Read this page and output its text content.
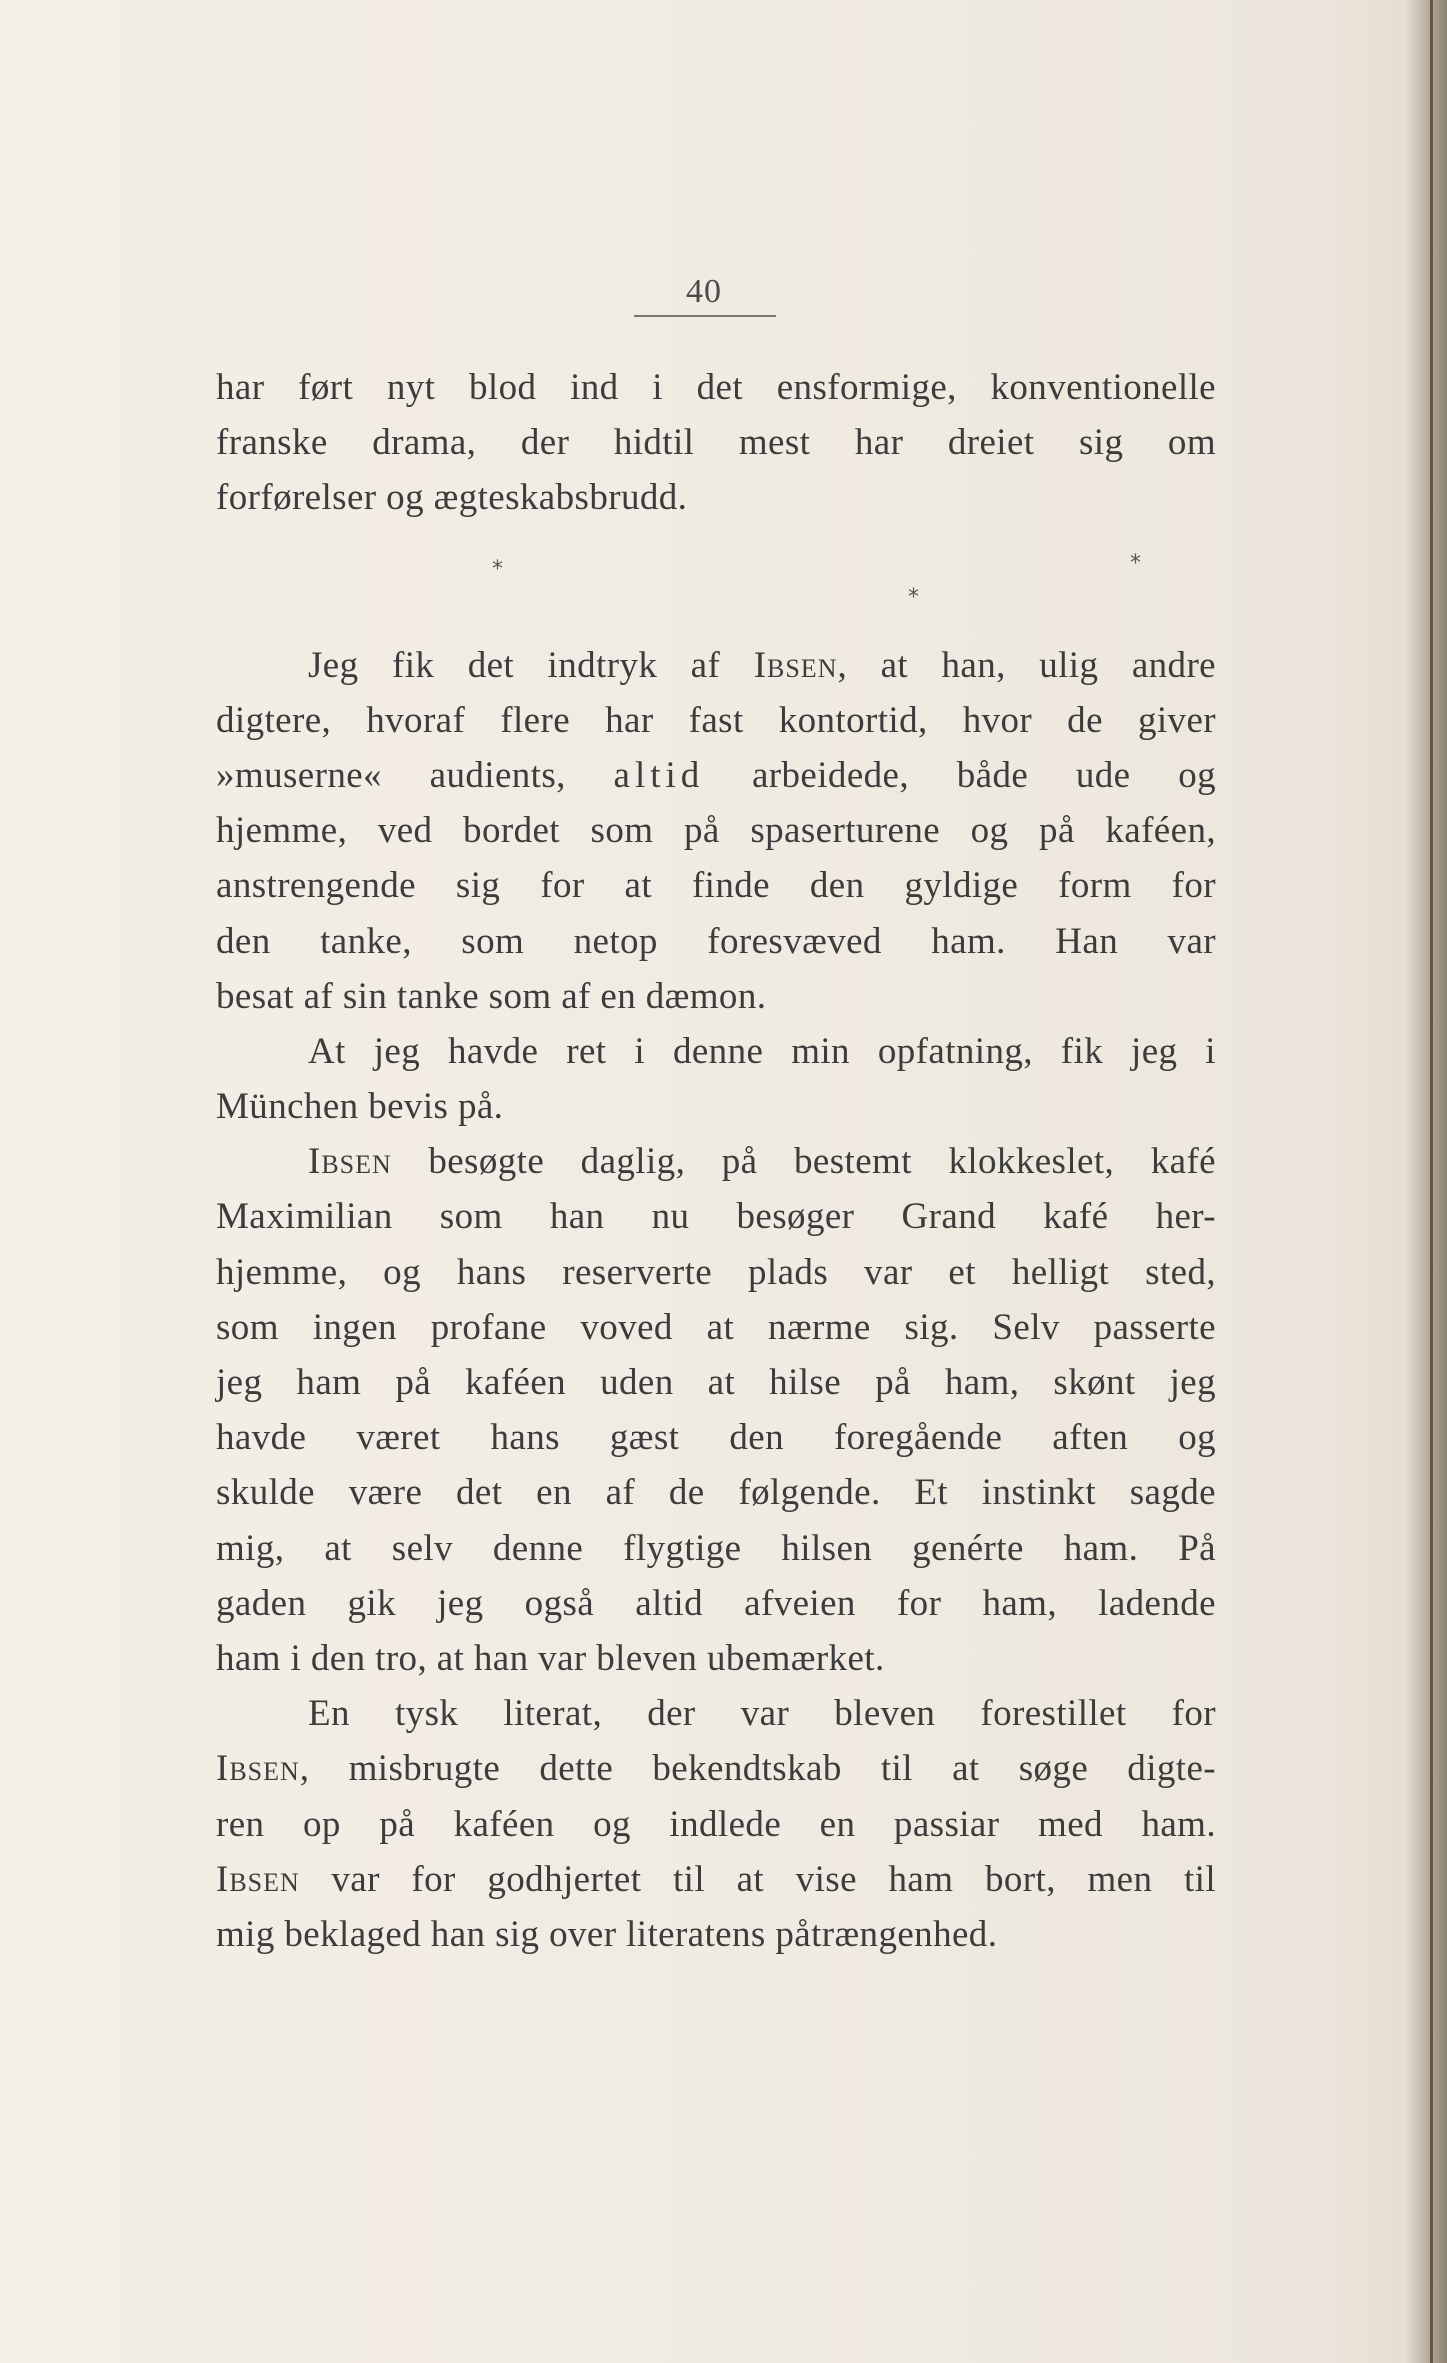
40
har ført nyt blod ind i det ensformige, konventionelle
franske drama, der hidtil mest har dreiet sig om
forførelser og ægteskabsbrudd.
*
*
*
Jeg fik det indtryk af Ibsen, at han, ulig andre
digtere, hvoraf flere har fast kontortid, hvor de giver
»muserne« audients, altid arbeidede, både ude og
hjemme, ved bordet som på spaserturene og på kaféen,
anstrengende sig for at finde den gyldige form for
den tanke, som netop foresvæved ham. Han var
besat af sin tanke som af en dæmon.
At jeg havde ret i denne min opfatning, fik jeg i
München bevis på.
Ibsen besøgte daglig, på bestemt klokkeslet, kafé
Maximilian som han nu besøger Grand kafé her-
hjemme, og hans reserverte plads var et helligt sted,
som ingen profane voved at nærme sig. Selv passerte
jeg ham på kaféen uden at hilse på ham, skønt jeg
havde været hans gæst den foregående aften og
skulde være det en af de følgende. Et instinkt sagde
mig, at selv denne flygtige hilsen genérte ham. På
gaden gik jeg også altid afveien for ham, ladende
ham i den tro, at han var bleven ubemærket.
En tysk literat, der var bleven forestillet for
Ibsen, misbrugte dette bekendtskab til at søge digte-
ren op på kaféen og indlede en passiar med ham.
Ibsen var for godhjertet til at vise ham bort, men til
mig beklaged han sig over literatens påtrængenhed.
